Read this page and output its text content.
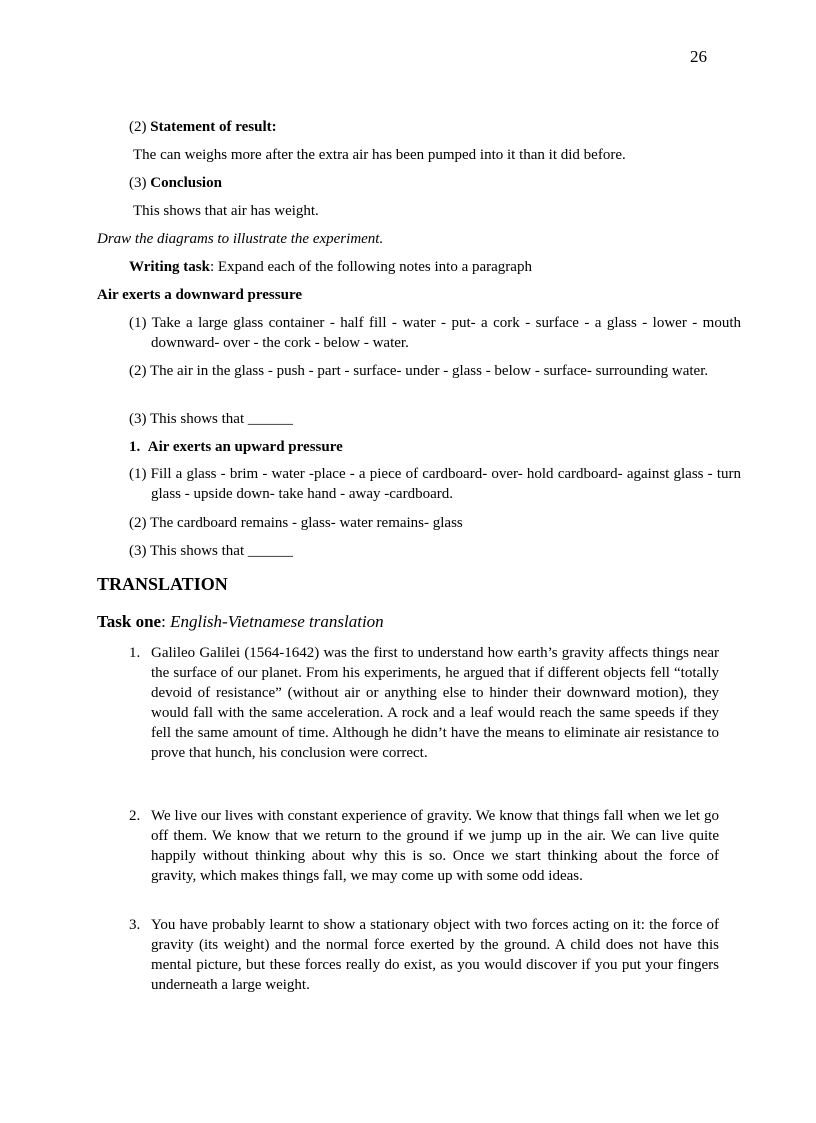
26
(2) Statement of result:
The can weighs more after the extra air has been pumped into it than it did before.
(3) Conclusion
This shows that air has weight.
Draw the diagrams to illustrate the experiment.
Writing task: Expand each of the following notes into a paragraph
Air exerts a downward pressure
(1) Take a large glass container - half fill - water - put- a cork - surface - a glass - lower - mouth downward- over - the cork - below - water.
(2) The air in the glass - push - part - surface- under - glass - below - surface- surrounding water.
(3) This shows that ______
1. Air exerts an upward pressure
(1) Fill a glass - brim - water -place - a piece of cardboard- over- hold cardboard- against glass - turn glass - upside down- take hand - away -cardboard.
(2) The cardboard remains - glass- water remains- glass
(3) This shows that ______
TRANSLATION
Task one: English-Vietnamese translation
1. Galileo Galilei (1564-1642) was the first to understand how earth’s gravity affects things near the surface of our planet. From his experiments, he argued that if different objects fell “totally devoid of resistance” (without air or anything else to hinder their downward motion), they would fall with the same acceleration. A rock and a leaf would reach the same speeds if they fell the same amount of time. Although he didn’t have the means to eliminate air resistance to prove that hunch, his conclusion were correct.
2. We live our lives with constant experience of gravity. We know that things fall when we let go off them. We know that we return to the ground if we jump up in the air. We can live quite happily without thinking about why this is so. Once we start thinking about the force of gravity, which makes things fall, we may come up with some odd ideas.
3. You have probably learnt to show a stationary object with two forces acting on it: the force of gravity (its weight) and the normal force exerted by the ground. A child does not have this mental picture, but these forces really do exist, as you would discover if you put your fingers underneath a large weight.
